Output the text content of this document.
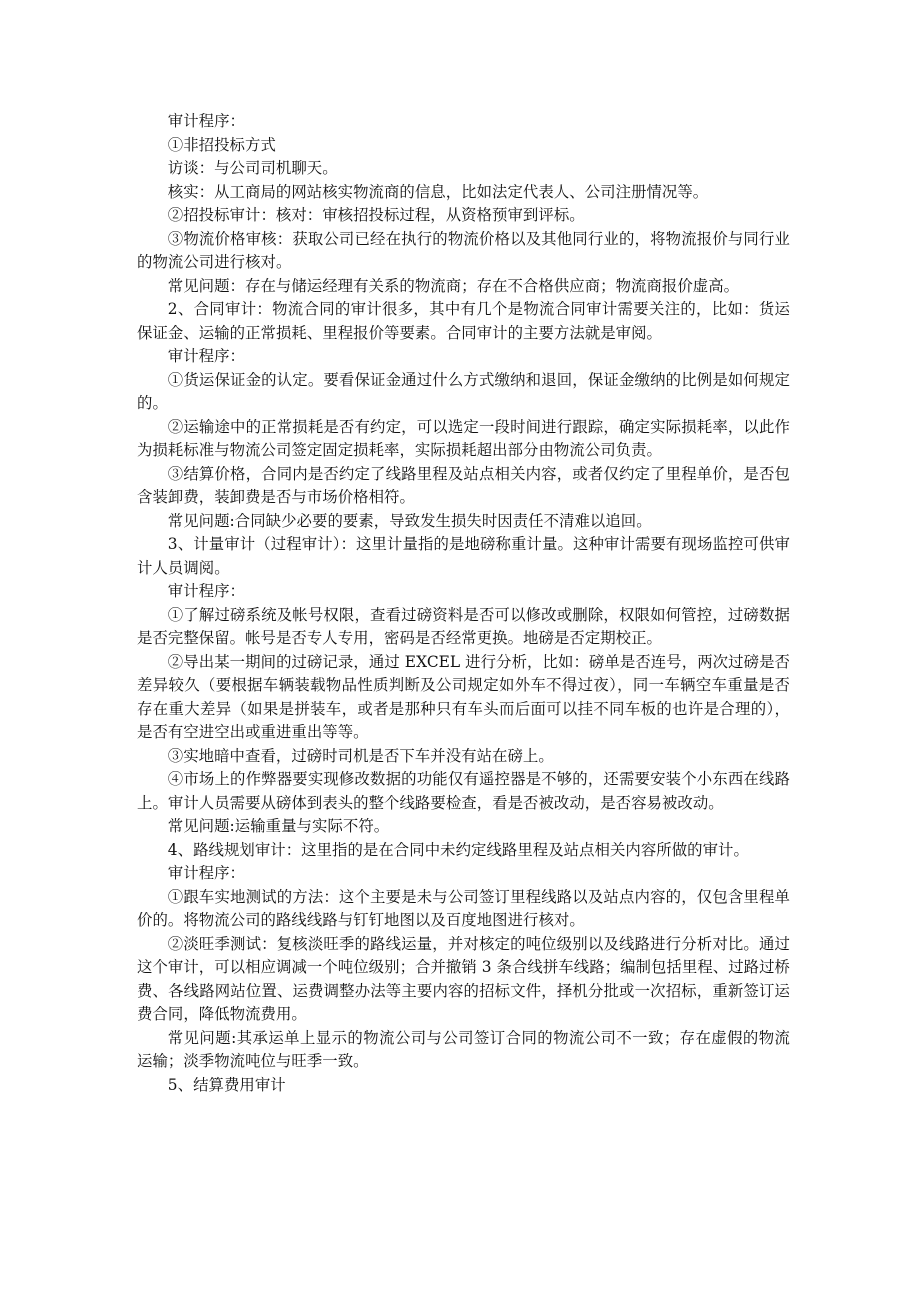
审计程序：

①非招投标方式

访谈：与公司司机聊天。

核实：从工商局的网站核实物流商的信息，比如法定代表人、公司注册情况等。

②招投标审计：核对：审核招投标过程，从资格预审到评标。

③物流价格审核：获取公司已经在执行的物流价格以及其他同行业的，将物流报价与同行业的物流公司进行核对。

常见问题：存在与储运经理有关系的物流商；存在不合格供应商；物流商报价虚高。

2、合同审计：物流合同的审计很多，其中有几个是物流合同审计需要关注的，比如：货运保证金、运输的正常损耗、里程报价等要素。合同审计的主要方法就是审阅。

审计程序：

①货运保证金的认定。要看保证金通过什么方式缴纳和退回，保证金缴纳的比例是如何规定的。

②运输途中的正常损耗是否有约定，可以选定一段时间进行跟踪，确定实际损耗率，以此作为损耗标准与物流公司签定固定损耗率，实际损耗超出部分由物流公司负责。

③结算价格，合同内是否约定了线路里程及站点相关内容，或者仅约定了里程单价，是否包含装卸费，装卸费是否与市场价格相符。

常见问题:合同缺少必要的要素，导致发生损失时因责任不清难以追回。

3、计量审计（过程审计）：这里计量指的是地磅称重计量。这种审计需要有现场监控可供审计人员调阅。

审计程序：

①了解过磅系统及帐号权限，查看过磅资料是否可以修改或删除，权限如何管控，过磅数据是否完整保留。帐号是否专人专用，密码是否经常更换。地磅是否定期校正。

②导出某一期间的过磅记录，通过 EXCEL 进行分析，比如：磅单是否连号，两次过磅是否差异较久（要根据车辆装载物品性质判断及公司规定如外车不得过夜），同一车辆空车重量是否存在重大差异（如果是拼装车，或者是那种只有车头而后面可以挂不同车板的也许是合理的），是否有空进空出或重进重出等等。

③实地暗中查看，过磅时司机是否下车并没有站在磅上。

④市场上的作弊器要实现修改数据的功能仅有遥控器是不够的，还需要安装个小东西在线路上。审计人员需要从磅体到表头的整个线路要检查，看是否被改动，是否容易被改动。

常见问题:运输重量与实际不符。

4、路线规划审计：这里指的是在合同中未约定线路里程及站点相关内容所做的审计。

审计程序：

①跟车实地测试的方法：这个主要是未与公司签订里程线路以及站点内容的，仅包含里程单价的。将物流公司的路线线路与钉钉地图以及百度地图进行核对。

②淡旺季测试：复核淡旺季的路线运量，并对核定的吨位级别以及线路进行分析对比。通过这个审计，可以相应调减一个吨位级别；合并撤销 3 条合线拼车线路；编制包括里程、过路过桥费、各线路网站位置、运费调整办法等主要内容的招标文件，择机分批或一次招标，重新签订运费合同，降低物流费用。

常见问题:其承运单上显示的物流公司与公司签订合同的物流公司不一致；存在虚假的物流运输；淡季物流吨位与旺季一致。

5、结算费用审计
